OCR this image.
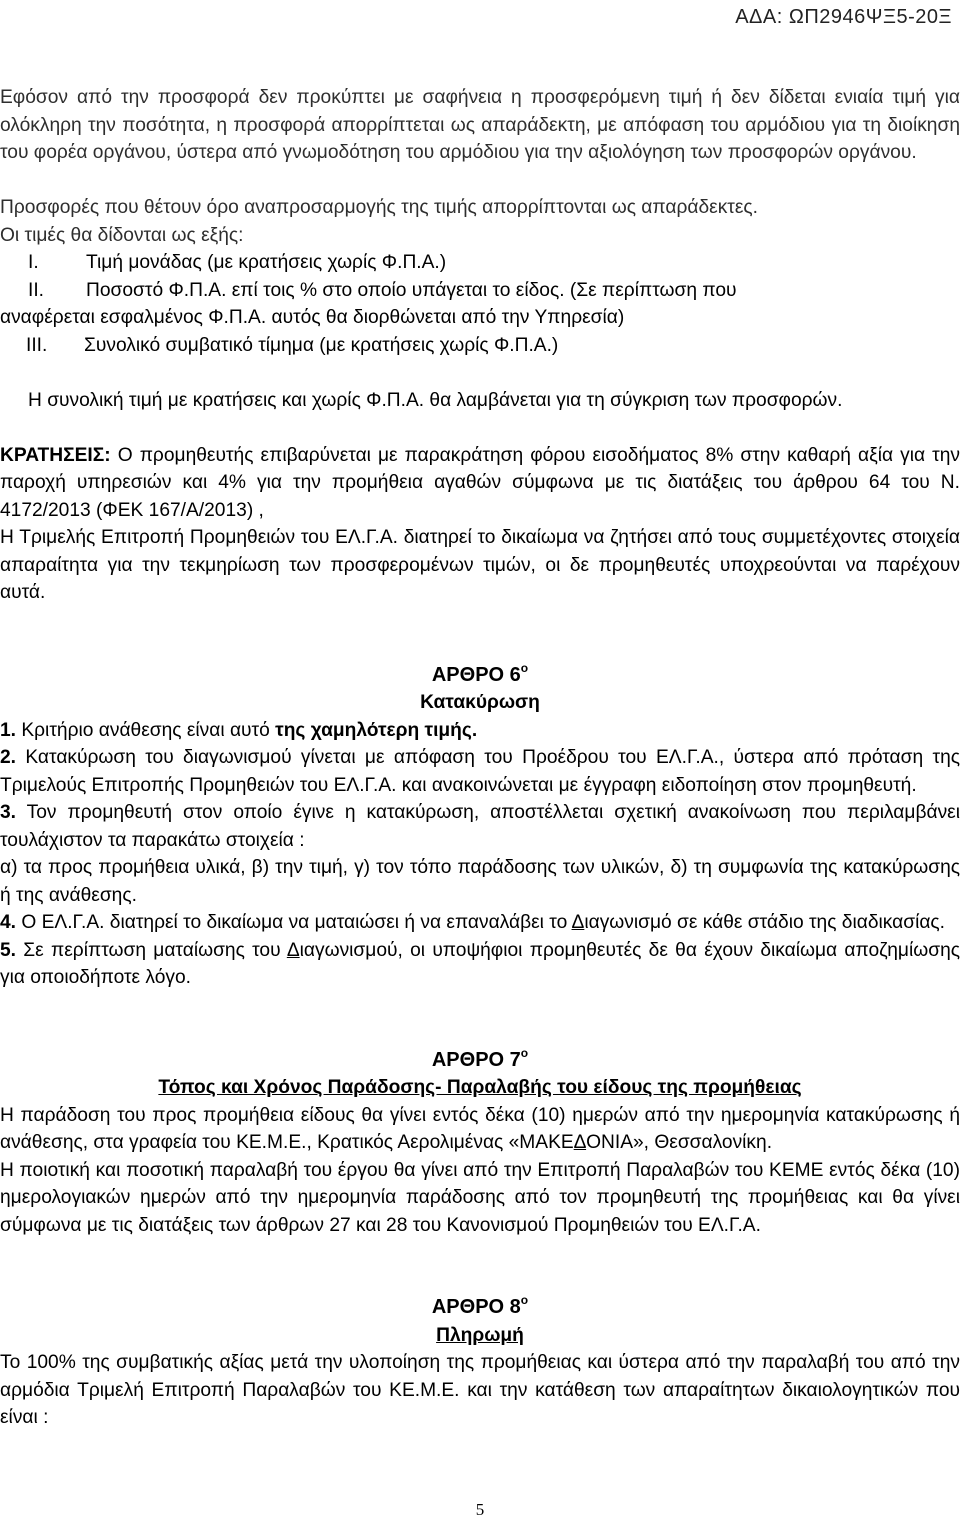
ΑΔΑ: ΩΠ2946ΨΞ5-20Ξ

Εφόσον από την προσφορά δεν προκύπτει με σαφήνεια η προσφερόμενη τιμή ή δεν δίδεται ενιαία τιμή για ολόκληρη την ποσότητα, η προσφορά απορρίπτεται ως απαράδεκτη, με απόφαση του αρμόδιου για τη διοίκηση του φορέα οργάνου, ύστερα από γνωμοδότηση του αρμόδιου για την αξιολόγηση των προσφορών οργάνου.

Προσφορές που θέτουν όρο αναπροσαρμογής της τιμής απορρίπτονται ως απαράδεκτες.

Οι τιμές θα δίδονται ως εξής:

I.	Τιμή μονάδας (με κρατήσεις χωρίς Φ.Π.Α.)
II.	Ποσοστό Φ.Π.Α. επί τοις % στο οποίο υπάγεται το είδος. (Σε περίπτωση που

αναφέρεται εσφαλμένος Φ.Π.Α. αυτός θα διορθώνεται από την Υπηρεσία)

III.	Συνολικό συμβατικό τίμημα (με κρατήσεις χωρίς Φ.Π.Α.)

Η συνολική τιμή με κρατήσεις και χωρίς Φ.Π.Α. θα λαμβάνεται για τη σύγκριση των προσφορών.

ΚΡΑΤΗΣΕΙΣ: Ο προμηθευτής επιβαρύνεται με παρακράτηση φόρου εισοδήματος 8% στην καθαρή αξία για την παροχή υπηρεσιών και 4% για την προμήθεια αγαθών σύμφωνα με τις διατάξεις του άρθρου 64 του Ν. 4172/2013 (ΦΕΚ 167/Α/2013) ,

Η Τριμελής Επιτροπή Προμηθειών του ΕΛ.Γ.Α. διατηρεί το δικαίωμα να ζητήσει από τους συμμετέχοντες στοιχεία απαραίτητα για την τεκμηρίωση των προσφερομένων τιμών, οι δε προμηθευτές υποχρεούνται να παρέχουν αυτά.

ΑΡΘΡΟ $6^o$

Κατακύρωση

1. Κριτήριο ανάθεσης είναι αυτό της χαμηλότερη τιμής.

2. Κατακύρωση του διαγωνισμού γίνεται με απόφαση του Προέδρου του ΕΛ.Γ.Α., ύστερα από πρόταση της Τριμελούς Επιτροπής Προμηθειών του ΕΛ.Γ.Α. και ανακοινώνεται με έγγραφη ειδοποίηση στον προμηθευτή.

3. Τον προμηθευτή στον οποίο έγινε η κατακύρωση, αποστέλλεται σχετική ανακοίνωση που περιλαμβάνει τουλάχιστον τα παρακάτω στοιχεία :

α) τα προς προμήθεια υλικά, β) την τιμή, γ) τον τόπο παράδοσης των υλικών, δ) τη συμφωνία της κατακύρωσης ή της ανάθεσης.

4. Ο ΕΛ.Γ.Α. διατηρεί το δικαίωμα να ματαιώσει ή να επαναλάβει το Διαγωνισμό σε κάθε στάδιο της διαδικασίας.

5. Σε περίπτωση ματαίωσης του Διαγωνισμού, οι υποψήφιοι προμηθευτές δε θα έχουν δικαίωμα αποζημίωσης για οποιοδήποτε λόγο.

ΑΡΘΡΟ $7^o$

Τόπος και Χρόνος Παράδοσης- Παραλαβής του είδους της προμήθειας

Η παράδοση του προς προμήθεια είδους θα γίνει εντός δέκα (10) ημερών από την ημερομηνία κατακύρωσης ή ανάθεσης, στα γραφεία του ΚΕ.Μ.Ε., Κρατικός Αερολιμένας «ΜΑΚΕΔΟΝΙΑ», Θεσσαλονίκη.

Η ποιοτική και ποσοτική παραλαβή του έργου θα γίνει από την Επιτροπή Παραλαβών του ΚΕΜΕ εντός δέκα (10) ημερολογιακών ημερών από την ημερομηνία παράδοσης από τον προμηθευτή της προμήθειας και θα γίνει σύμφωνα με τις διατάξεις των άρθρων 27 και 28 του Κανονισμού Προμηθειών του ΕΛ.Γ.Α.

ΑΡΘΡΟ $8^o$

Πληρωμή

Το 100% της συμβατικής αξίας μετά την υλοποίηση της προμήθειας και ύστερα από την παραλαβή του από την αρμόδια Τριμελή Επιτροπή Παραλαβών του ΚΕ.Μ.Ε. και την κατάθεση των απαραίτητων δικαιολογητικών που είναι :

5
